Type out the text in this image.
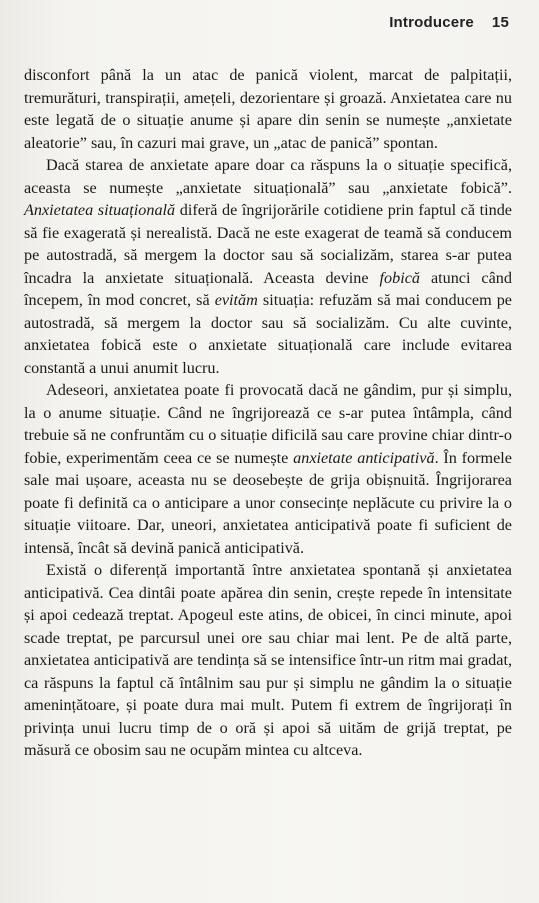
Introducere 15

disconfort până la un atac de panică violent, marcat de palpitații, tremurături, transpirații, amețeli, dezorientare și groază. Anxietatea care nu este legată de o situație anume și apare din senin se numește „anxietate aleatorie” sau, în cazuri mai grave, un „atac de panică” spontan.

Dacă starea de anxietate apare doar ca răspuns la o situație specifică, aceasta se numește „anxietate situațională” sau „anxietate fobică”. Anxietatea situațională diferă de îngrijorările cotidiene prin faptul că tinde să fie exagerată și nerealistă. Dacă ne este exagerat de teamă să conducem pe autostradă, să mergem la doctor sau să socializăm, starea s-ar putea încadra la anxietate situațională. Aceasta devine fobică atunci când începem, în mod concret, să evităm situația: refuzăm să mai conducem pe autostradă, să mergem la doctor sau să socializăm. Cu alte cuvinte, anxietatea fobică este o anxietate situațională care include evitarea constantă a unui anumit lucru.

Adeseori, anxietatea poate fi provocată dacă ne gândim, pur și simplu, la o anume situație. Când ne îngrijorează ce s-ar putea întâmpla, când trebuie să ne confruntăm cu o situație dificilă sau care provine chiar dintr-o fobie, experimentăm ceea ce se numește anxietate anticipativă. În formele sale mai ușoare, aceasta nu se deosebește de grija obișnuită. Îngrijorarea poate fi definită ca o anticipare a unor consecințe neplăcute cu privire la o situație viitoare. Dar, uneori, anxietatea anticipativă poate fi suficient de intensă, încât să devină panică anticipativă.

Există o diferență importantă între anxietatea spontană și anxietatea anticipativă. Cea dintâi poate apărea din senin, crește repede în intensitate și apoi cedează treptat. Apogeul este atins, de obicei, în cinci minute, apoi scade treptat, pe parcursul unei ore sau chiar mai lent. Pe de altă parte, anxietatea anticipativă are tendința să se intensifice într-un ritm mai gradat, ca răspuns la faptul că întâlnim sau pur și simplu ne gândim la o situație amenințătoare, și poate dura mai mult. Putem fi extrem de îngrijorați în privința unui lucru timp de o oră și apoi să uităm de grijă treptat, pe măsură ce obosim sau ne ocupăm mintea cu altceva.
